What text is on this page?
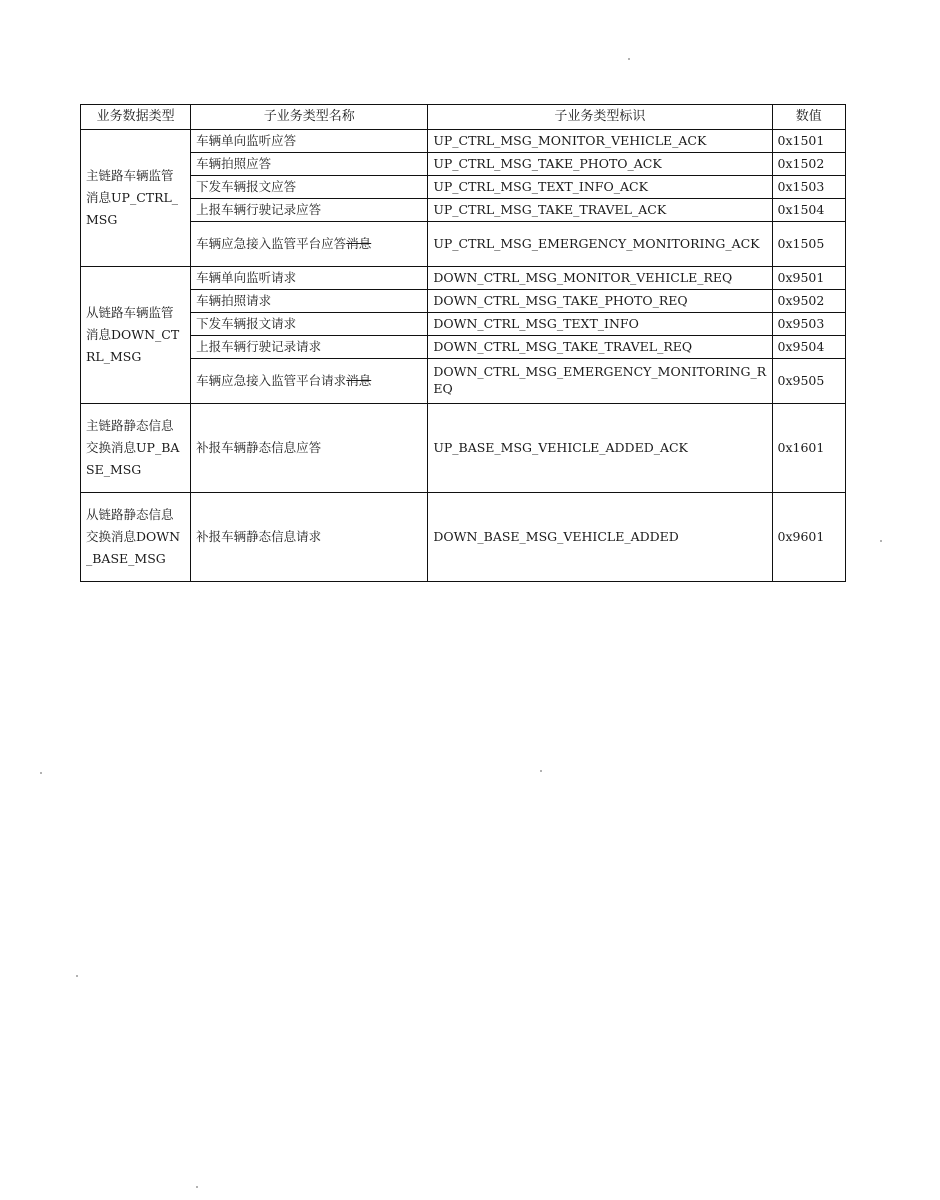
业务数据类型	子业务类型名称	子业务类型标识	数值
主链路车辆监管消息UP_CTRL_MSG	车辆单向监听应答	UP_CTRL_MSG_MONITOR_VEHICLE_ACK	0x1501
	车辆拍照应答	UP_CTRL_MSG_TAKE_PHOTO_ACK	0x1502
	下发车辆报文应答	UP_CTRL_MSG_TEXT_INFO_ACK	0x1503
	上报车辆行驶记录应答	UP_CTRL_MSG_TAKE_TRAVEL_ACK	0x1504
	车辆应急接入监管平台应答消息	UP_CTRL_MSG_EMERGENCY_MONITORING_ACK	0x1505
从链路车辆监管消息DOWN_CTRL_MSG	车辆单向监听请求	DOWN_CTRL_MSG_MONITOR_VEHICLE_REQ	0x9501
	车辆拍照请求	DOWN_CTRL_MSG_TAKE_PHOTO_REQ	0x9502
	下发车辆报文请求	DOWN_CTRL_MSG_TEXT_INFO	0x9503
	上报车辆行驶记录请求	DOWN_CTRL_MSG_TAKE_TRAVEL_REQ	0x9504
	车辆应急接入监管平台请求消息	DOWN_CTRL_MSG_EMERGENCY_MONITORING_REQ	0x9505
主链路静态信息交换消息UP_BASE_MSG	补报车辆静态信息应答	UP_BASE_MSG_VEHICLE_ADDED_ACK	0x1601
从链路静态信息交换消息DOWN_BASE_MSG	补报车辆静态信息请求	DOWN_BASE_MSG_VEHICLE_ADDED	0x9601
